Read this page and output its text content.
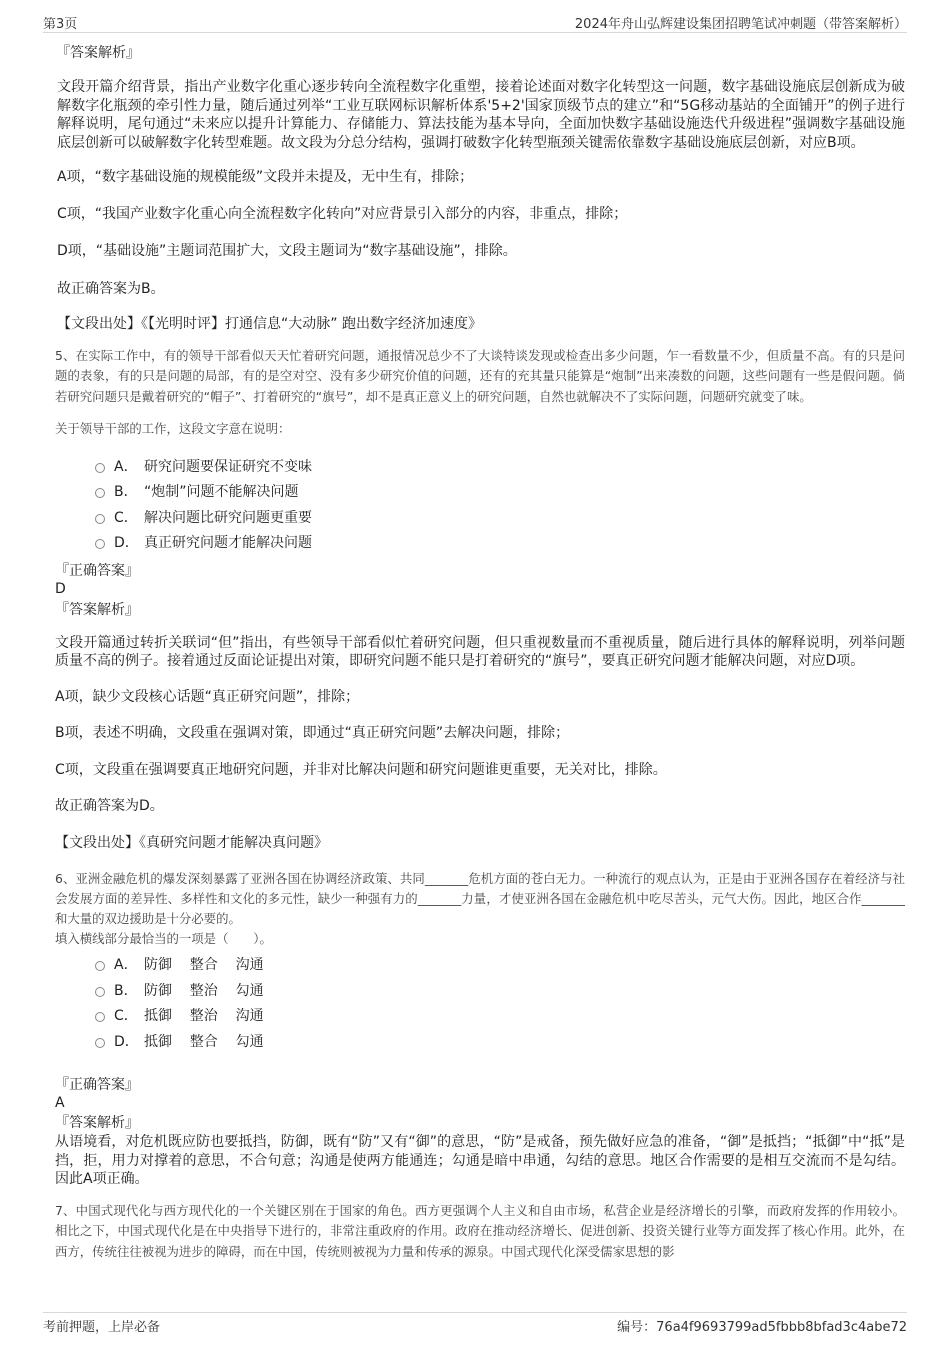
第3页	2024年舟山弘辉建设集团招聘笔试冲刺题（带答案解析）

『答案解析』

文段开篇介绍背景，指出产业数字化重心逐步转向全流程数字化重塑，接着论述面对数字化转型这一问题，数字基础设施底层创新成为破解数字化瓶颈的牵引性力量，随后通过列举“工业互联网标识解析体系'5+2'国家顶级节点的建立”和“5G移动基站的全面铺开”的例子进行解释说明，尾句通过“未来应以提升计算能力、存储能力、算法技能为基本导向，全面加快数字基础设施迭代升级进程”强调数字基础设施底层创新可以破解数字化转型难题。故文段为分总分结构，强调打破数字化转型瓶颈关键需依靠数字基础设施底层创新，对应B项。

A项，“数字基础设施的规模能级”文段并未提及，无中生有，排除；

C项，“我国产业数字化重心向全流程数字化转向”对应背景引入部分的内容，非重点，排除；

D项，“基础设施”主题词范围扩大，文段主题词为“数字基础设施”，排除。

故正确答案为B。

【文段出处】《【光明时评】打通信息“大动脉” 跑出数字经济加速度》

5、在实际工作中，有的领导干部看似天天忙着研究问题，通报情况总少不了大谈特谈发现或检查出多少问题，乍一看数量不少，但质量不高。有的只是问题的表象，有的只是问题的局部，有的是空对空、没有多少研究价值的问题，还有的充其量只能算是“炮制”出来凑数的问题，这些问题有一些是假问题。倘若研究问题只是戴着研究的“帽子”、打着研究的“旗号”，却不是真正意义上的研究问题，自然也就解决不了实际问题，问题研究就变了味。

关于领导干部的工作，这段文字意在说明：

A． 研究问题要保证研究不变味
B． “炮制”问题不能解决问题
C． 解决问题比研究问题更重要
D． 真正研究问题才能解决问题

『正确答案』

D

『答案解析』

文段开篇通过转折关联词“但”指出，有些领导干部看似忙着研究问题，但只重视数量而不重视质量，随后进行具体的解释说明，列举问题质量不高的例子。接着通过反面论证提出对策，即研究问题不能只是打着研究的“旗号”，要真正研究问题才能解决问题，对应D项。

A项，缺少文段核心话题“真正研究问题”，排除；

B项，表述不明确，文段重在强调对策，即通过“真正研究问题”去解决问题，排除；

C项，文段重在强调要真正地研究问题，并非对比解决问题和研究问题谁更重要，无关对比，排除。

故正确答案为D。

【文段出处】《真研究问题才能解决真问题》

6、亚洲金融危机的爆发深刻暴露了亚洲各国在协调经济政策、共同_______危机方面的苍白无力。一种流行的观点认为，正是由于亚洲各国存在着经济与社会发展方面的差异性、多样性和文化的多元性，缺少一种强有力的_______力量，才使亚洲各国在金融危机中吃尽苦头，元气大伤。因此，地区合作_______和大量的双边援助是十分必要的。

填入横线部分最恰当的一项是（　　）。

A． 防御    整合    沟通
B． 防御    整治    勾通
C． 抵御    整治    沟通
D． 抵御    整合    勾通

『正确答案』

A

『答案解析』

从语境看，对危机既应防也要抵挡，防御，既有“防”又有“御”的意思，“防”是戒备，预先做好应急的准备，“御”是抵挡；“抵御”中“抵”是挡，拒，用力对撑着的意思，不合句意；沟通是使两方能通连；勾通是暗中串通，勾结的意思。地区合作需要的是相互交流而不是勾结。因此A项正确。

7、中国式现代化与西方现代化的一个关键区别在于国家的角色。西方更强调个人主义和自由市场，私营企业是经济增长的引擎，而政府发挥的作用较小。相比之下，中国式现代化是在中央指导下进行的，非常注重政府的作用。政府在推动经济增长、促进创新、投资关键行业等方面发挥了核心作用。此外，在西方，传统往往被视为进步的障碍，而在中国，传统则被视为力量和传承的源泉。中国式现代化深受儒家思想的影

考前押题，上岸必备	编号：76a4f9693799ad5fbbb8bfad3c4abe72
